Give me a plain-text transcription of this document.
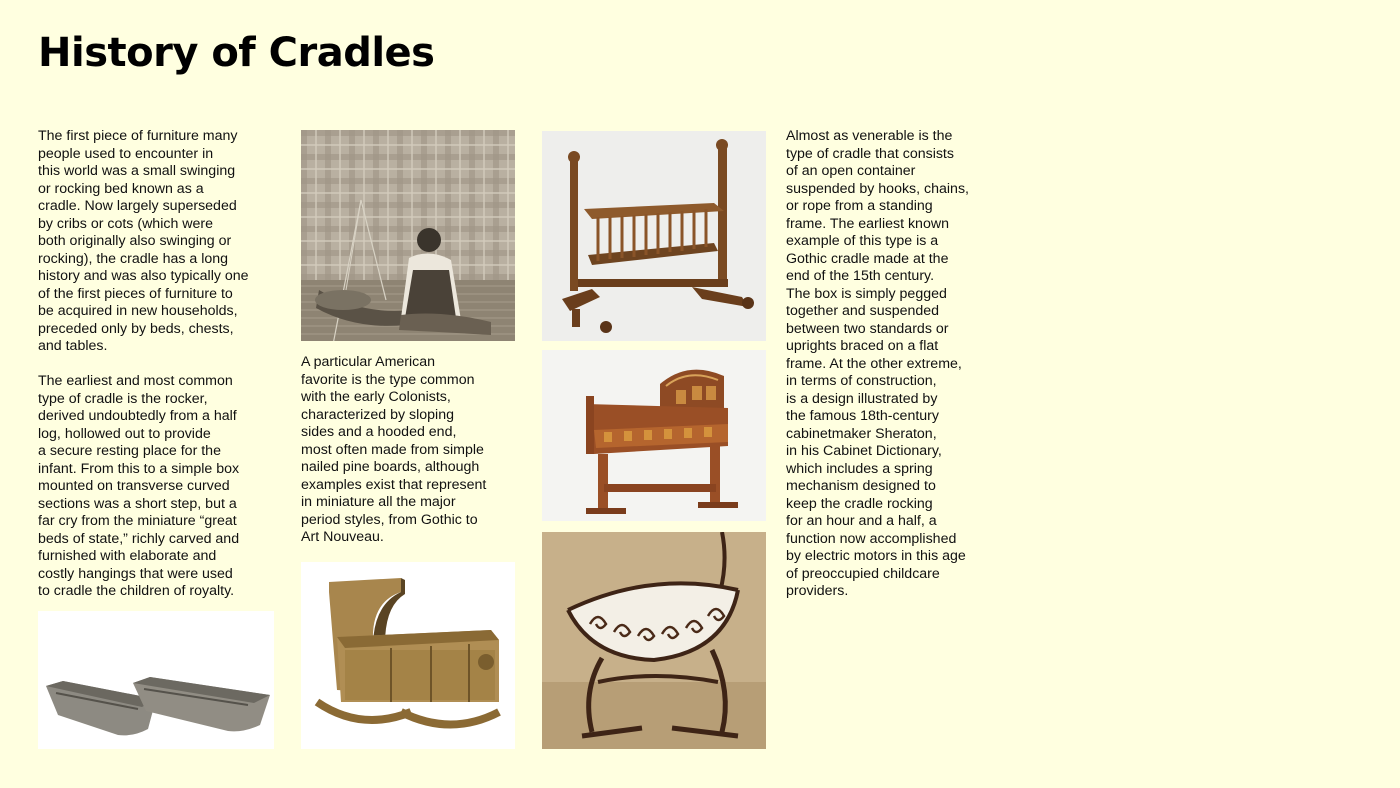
History of Cradles

The first piece of furniture many
people used to encounter in
this world was a small swinging
or rocking bed known as a
cradle. Now largely superseded
by cribs or cots (which were
both originally also swinging or
rocking), the cradle has a long
history and was also typically one
of the first pieces of furniture to
be acquired in new households,
preceded only by beds, chests,
and tables.

The earliest and most common
type of cradle is the rocker,
derived undoubtedly from a half
log, hollowed out to provide
a secure resting place for the
infant. From this to a simple box
mounted on transverse curved
sections was a short step, but a
far cry from the miniature “great
beds of state,” richly carved and
furnished with elaborate and
costly hangings that were used
to cradle the children of royalty.

A particular American
favorite is the type common
with the early Colonists,
characterized by sloping
sides and a hooded end,
most often made from simple
nailed pine boards, although
examples exist that represent
in miniature all the major
period styles, from Gothic to
Art Nouveau.

Almost as venerable is the
type of cradle that consists
of an open container
suspended by hooks, chains,
or rope from a standing
frame. The earliest known
example of this type is a
Gothic cradle made at the
end of the 15th century.
The box is simply pegged
together and suspended
between two standards or
uprights braced on a flat
frame. At the other extreme,
in terms of construction,
is a design illustrated by
the famous 18th-century
cabinetmaker Sheraton,
in his Cabinet Dictionary,
which includes a spring
mechanism designed to
keep the cradle rocking
for an hour and a half, a
function now accomplished
by electric motors in this age
of preoccupied childcare
providers.
